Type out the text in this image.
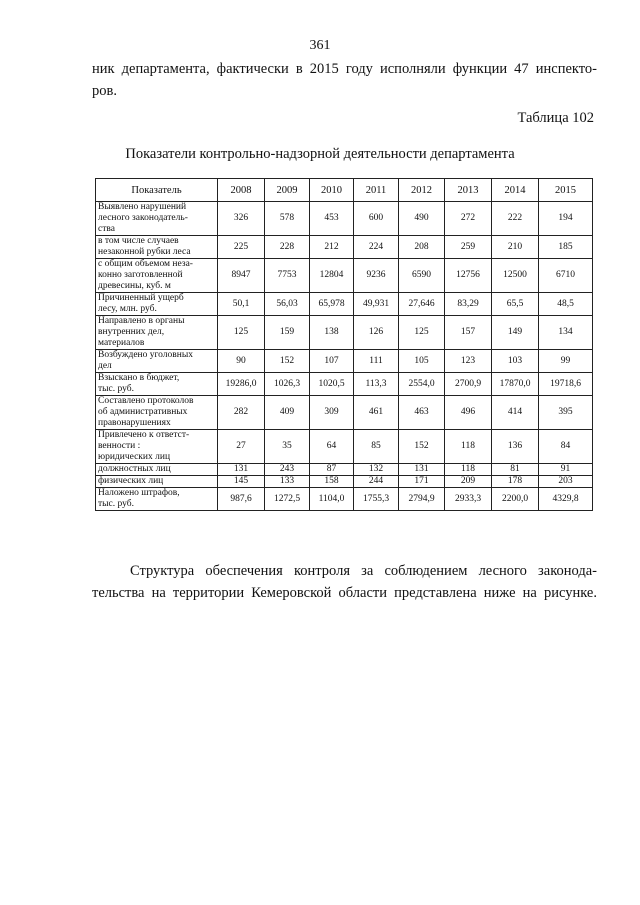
361
ник департамента, фактически в 2015 году исполняли функции 47 инспекто-
ров.
Таблица 102
Показатели контрольно-надзорной деятельности департамента
Показатель	2008	2009	2010	2011	2012	2013	2014	2015
Выявлено нарушений
лесного законодатель-
ства	326	578	453	600	490	272	222	194
в том числе случаев
незаконной рубки леса	225	228	212	224	208	259	210	185
с общим объемом неза-
конно заготовленной
древесины, куб. м	8947	7753	12804	9236	6590	12756	12500	6710
Причиненный ущерб
лесу, млн. руб.	50,1	56,03	65,978	49,931	27,646	83,29	65,5	48,5
Направлено в органы
внутренних дел,
материалов	125	159	138	126	125	157	149	134
Возбуждено уголовных
дел	90	152	107	111	105	123	103	99
Взыскано в бюджет,
тыс. руб.	19286,0	1026,3	1020,5	113,3	2554,0	2700,9	17870,0	19718,6
Составлено протоколов
об административных
правонарушениях	282	409	309	461	463	496	414	395
Привлечено к ответст-
венности :
юридических лиц	27	35	64	85	152	118	136	84
должностных лиц	131	243	87	132	131	118	81	91
физических лиц	145	133	158	244	171	209	178	203
Наложено штрафов,
тыс. руб.	987,6	1272,5	1104,0	1755,3	2794,9	2933,3	2200,0	4329,8
Структура обеспечения контроля за соблюдением лесного законода-
тельства на территории Кемеровской области представлена ниже на рисунке.
